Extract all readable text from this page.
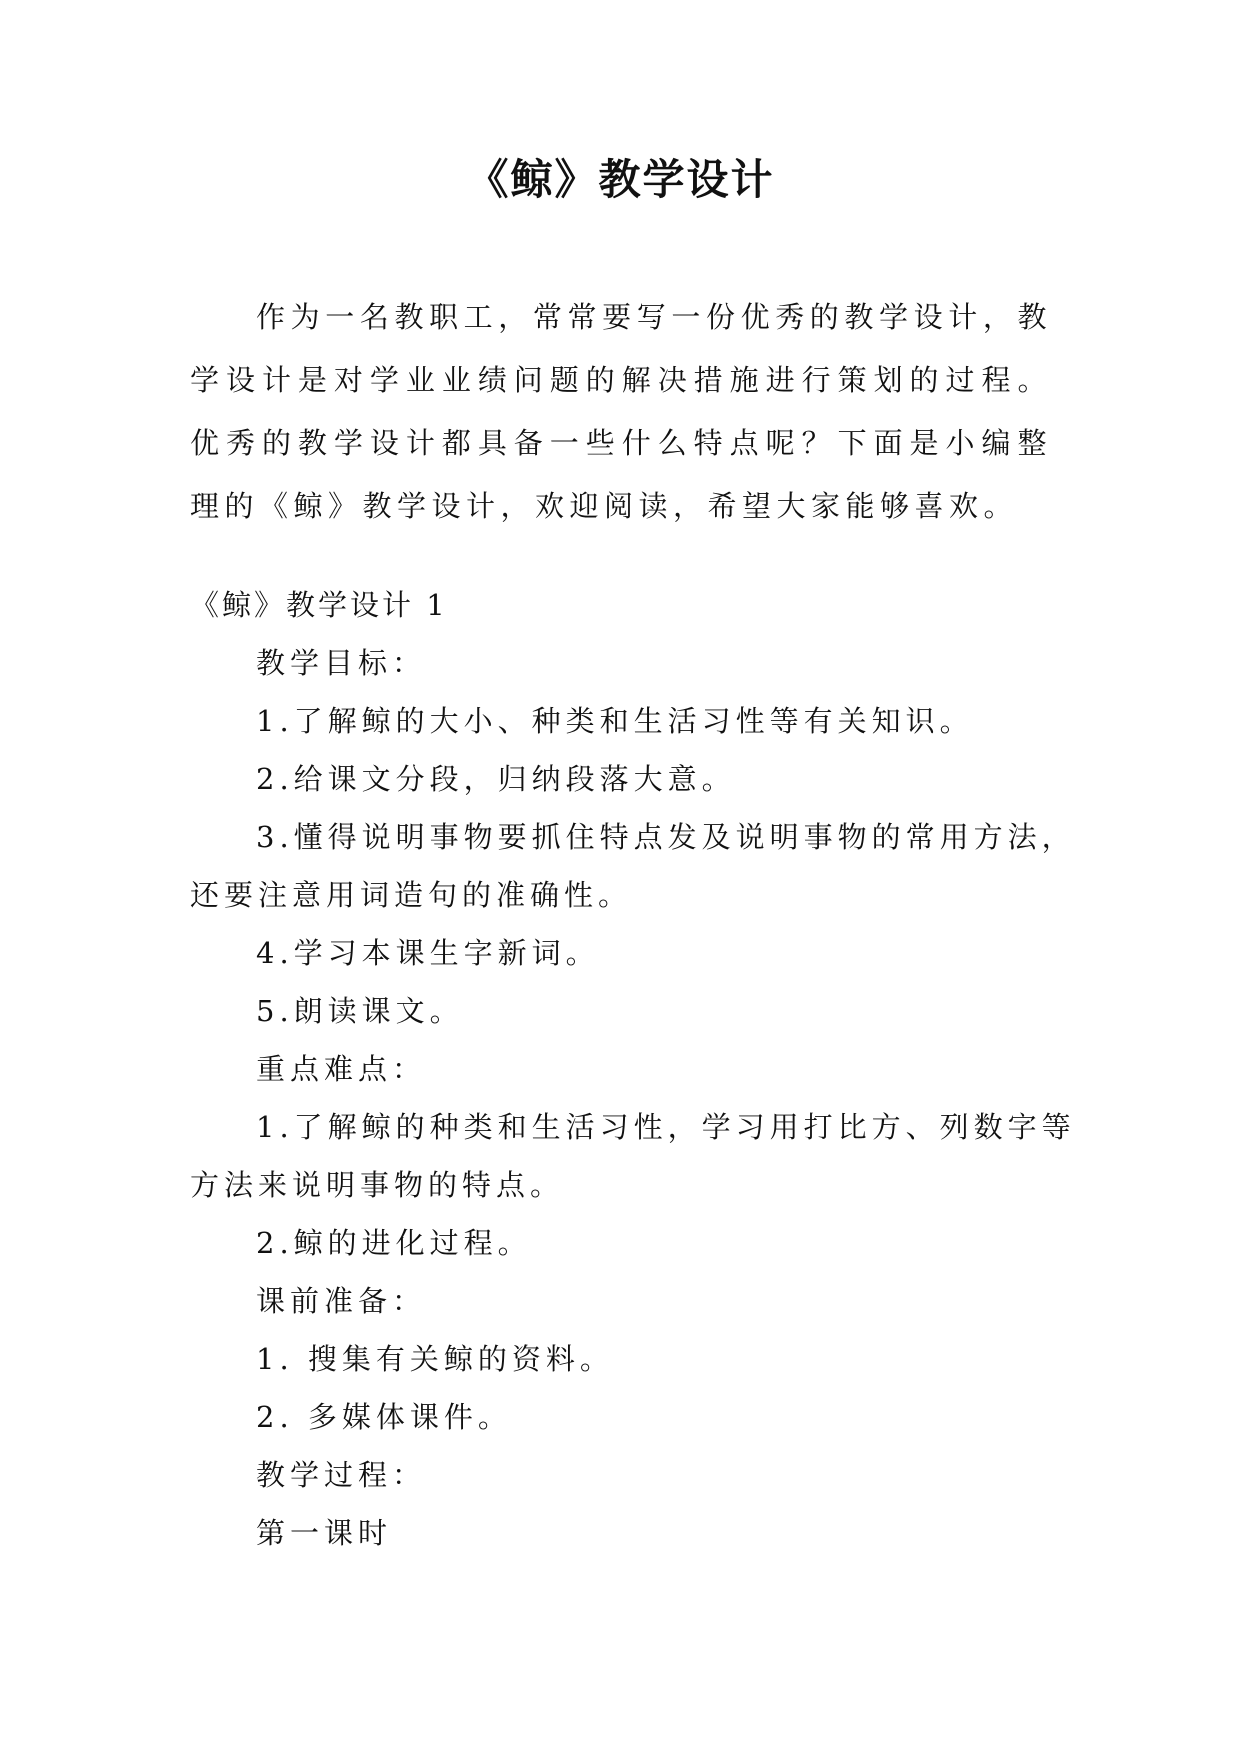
《鲸》教学设计

作为一名教职工，常常要写一份优秀的教学设计，教学设计是对学业业绩问题的解决措施进行策划的过程。优秀的教学设计都具备一些什么特点呢？下面是小编整理的《鲸》教学设计，欢迎阅读，希望大家能够喜欢。

《鲸》教学设计 1

教学目标：

1.了解鲸的大小、种类和生活习性等有关知识。

2.给课文分段，归纳段落大意。

3.懂得说明事物要抓住特点发及说明事物的常用方法，

还要注意用词造句的准确性。

4.学习本课生字新词。

5.朗读课文。

重点难点：

1.了解鲸的种类和生活习性，学习用打比方、列数字等

方法来说明事物的特点。

2.鲸的进化过程。

课前准备：

1. 搜集有关鲸的资料。

2. 多媒体课件。

教学过程：

第一课时
